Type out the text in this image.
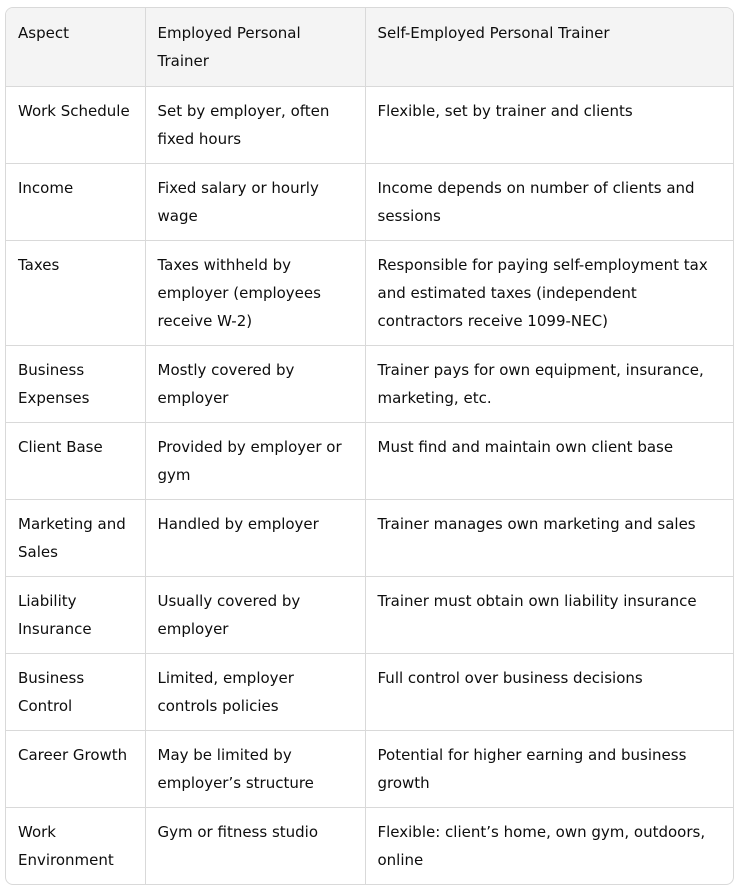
Aspect	Employed Personal Trainer	Self-Employed Personal Trainer
Work Schedule	Set by employer, often fixed hours	Flexible, set by trainer and clients
Income	Fixed salary or hourly wage	Income depends on number of clients and sessions
Taxes	Taxes withheld by employer (employees receive W-2)	Responsible for paying self-employment tax and estimated taxes (independent contractors receive 1099-NEC)
Business Expenses	Mostly covered by employer	Trainer pays for own equipment, insurance, marketing, etc.
Client Base	Provided by employer or gym	Must find and maintain own client base
Marketing and Sales	Handled by employer	Trainer manages own marketing and sales
Liability Insurance	Usually covered by employer	Trainer must obtain own liability insurance
Business Control	Limited, employer controls policies	Full control over business decisions
Career Growth	May be limited by employer’s structure	Potential for higher earning and business growth
Work Environment	Gym or fitness studio	Flexible: client’s home, own gym, outdoors, online
